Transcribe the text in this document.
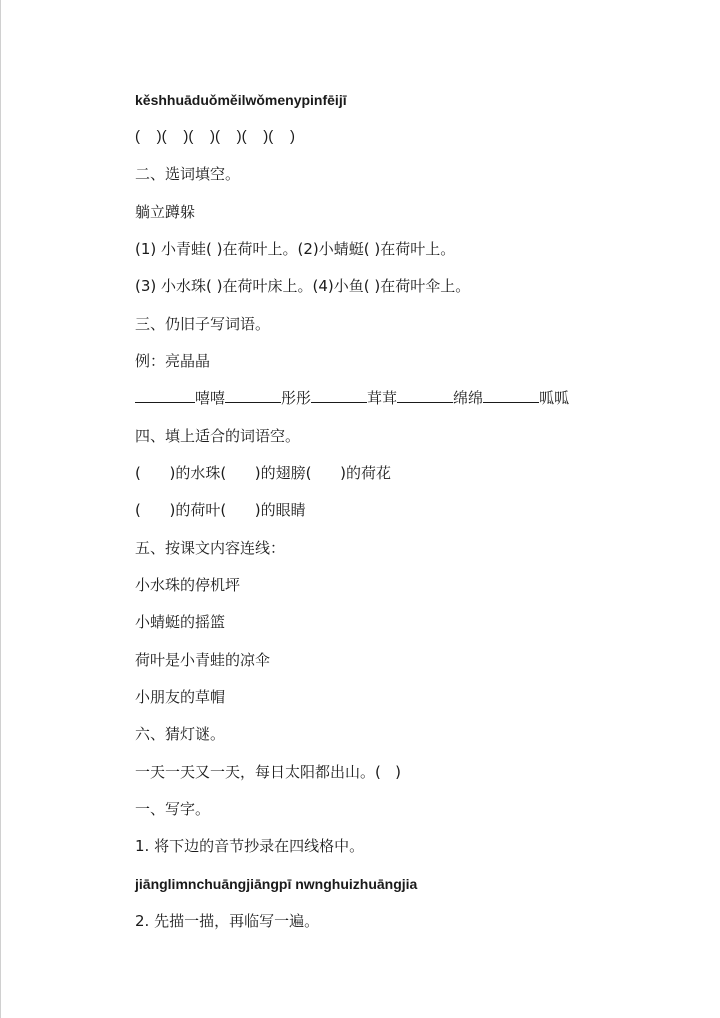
kěshhuāduǒměilwǒmenypinfēijī
(    )(    )(    )(    )(    )(    )
二、选词填空。
躺立蹲躲
(1) 小青蛙( )在荷叶上。(2)小蜻蜓( )在荷叶上。
(3) 小水珠( )在荷叶床上。(4)小鱼( )在荷叶伞上。
三、仍旧子写词语。
例：亮晶晶
嘻嘻	彤彤	茸茸	绵绵	呱呱
四、填上适合的词语空。
(      )的水珠(      )的翅膀(      )的荷花
(      )的荷叶(      )的眼睛
五、按课文内容连线：
小水珠的停机坪
小蜻蜓的摇篮
荷叶是小青蛙的凉伞
小朋友的草帽
六、猜灯谜。
一天一天又一天，每日太阳都出山。(   )
一、写字。
1. 将下边的音节抄录在四线格中。
jiānglimnchuāngjiāngpī nwnghuizhuāngjia
2. 先描一描，再临写一遍。
